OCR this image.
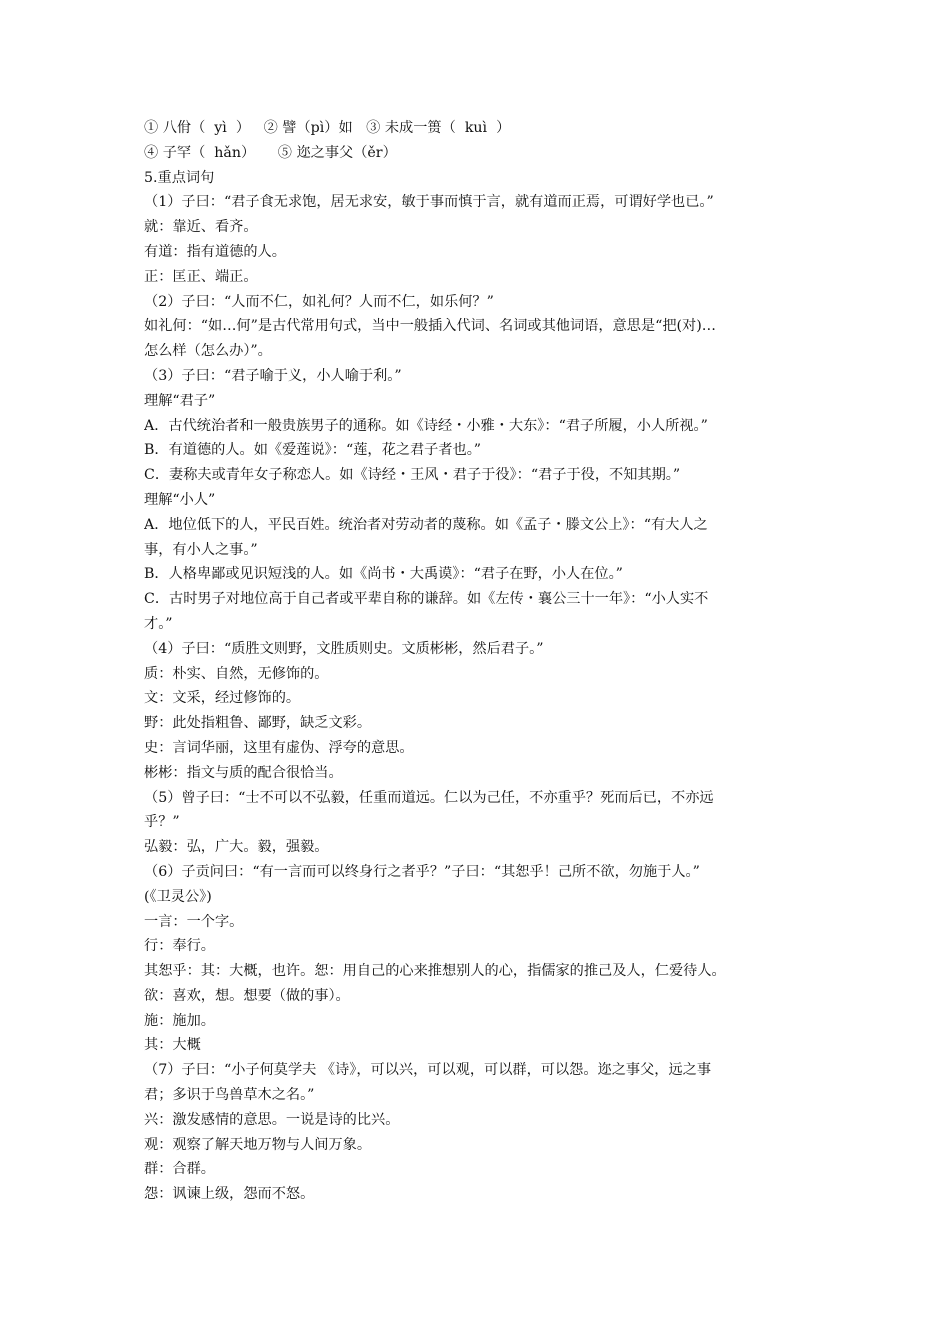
① 八佾（  yì  ）   ② 譬（pì）如   ③ 未成一篑（  kuì  ）
④ 子罕（  hǎn）     ⑤ 迩之事父（ěr）
5.重点词句
（1）子曰：“君子食无求饱，居无求安，敏于事而慎于言，就有道而正焉，可谓好学也已。”
就：靠近、看齐。
有道：指有道德的人。
正：匡正、端正。
（2）子曰：“人而不仁，如礼何？人而不仁，如乐何？”
如礼何：“如…何”是古代常用句式，当中一般插入代词、名词或其他词语，意思是“把(对)…
怎么样（怎么办）”。
（3）子曰：“君子喻于义，小人喻于利。”
理解“君子”
A．古代统治者和一般贵族男子的通称。如《诗经・小雅・大东》：“君子所履，小人所视。”
B．有道德的人。如《爱莲说》：“莲，花之君子者也。”
C．妻称夫或青年女子称恋人。如《诗经・王风・君子于役》：“君子于役，不知其期。”
理解“小人”
A．地位低下的人，平民百姓。统治者对劳动者的蔑称。如《孟子・滕文公上》：“有大人之
事，有小人之事。”
B．人格卑鄙或见识短浅的人。如《尚书・大禹谟》：“君子在野，小人在位。”
C．古时男子对地位高于自己者或平辈自称的谦辞。如《左传・襄公三十一年》：“小人实不
才。”
（4）子曰：“质胜文则野，文胜质则史。文质彬彬，然后君子。”
质：朴实、自然，无修饰的。
文：文采，经过修饰的。
野：此处指粗鲁、鄙野，缺乏文彩。
史：言词华丽，这里有虚伪、浮夸的意思。
彬彬：指文与质的配合很恰当。
（5）曾子曰：“士不可以不弘毅，任重而道远。仁以为己任，不亦重乎？死而后已，不亦远
乎？”
弘毅：弘，广大。毅，强毅。
（6）子贡问曰：“有一言而可以终身行之者乎？”子曰：“其恕乎！己所不欲，勿施于人。”
(《卫灵公》)
一言：一个字。
行：奉行。
其恕乎：其：大概，也许。恕：用自己的心来推想别人的心，指儒家的推己及人，仁爱待人。
欲：喜欢，想。想要（做的事）。
施：施加。
其：大概
（7）子曰：“小子何莫学夫 《诗》，可以兴，可以观，可以群，可以怨。迩之事父，远之事
君；多识于鸟兽草木之名。”
兴：激发感情的意思。一说是诗的比兴。
观：观察了解天地万物与人间万象。
群：合群。
怨：讽谏上级，怨而不怒。
